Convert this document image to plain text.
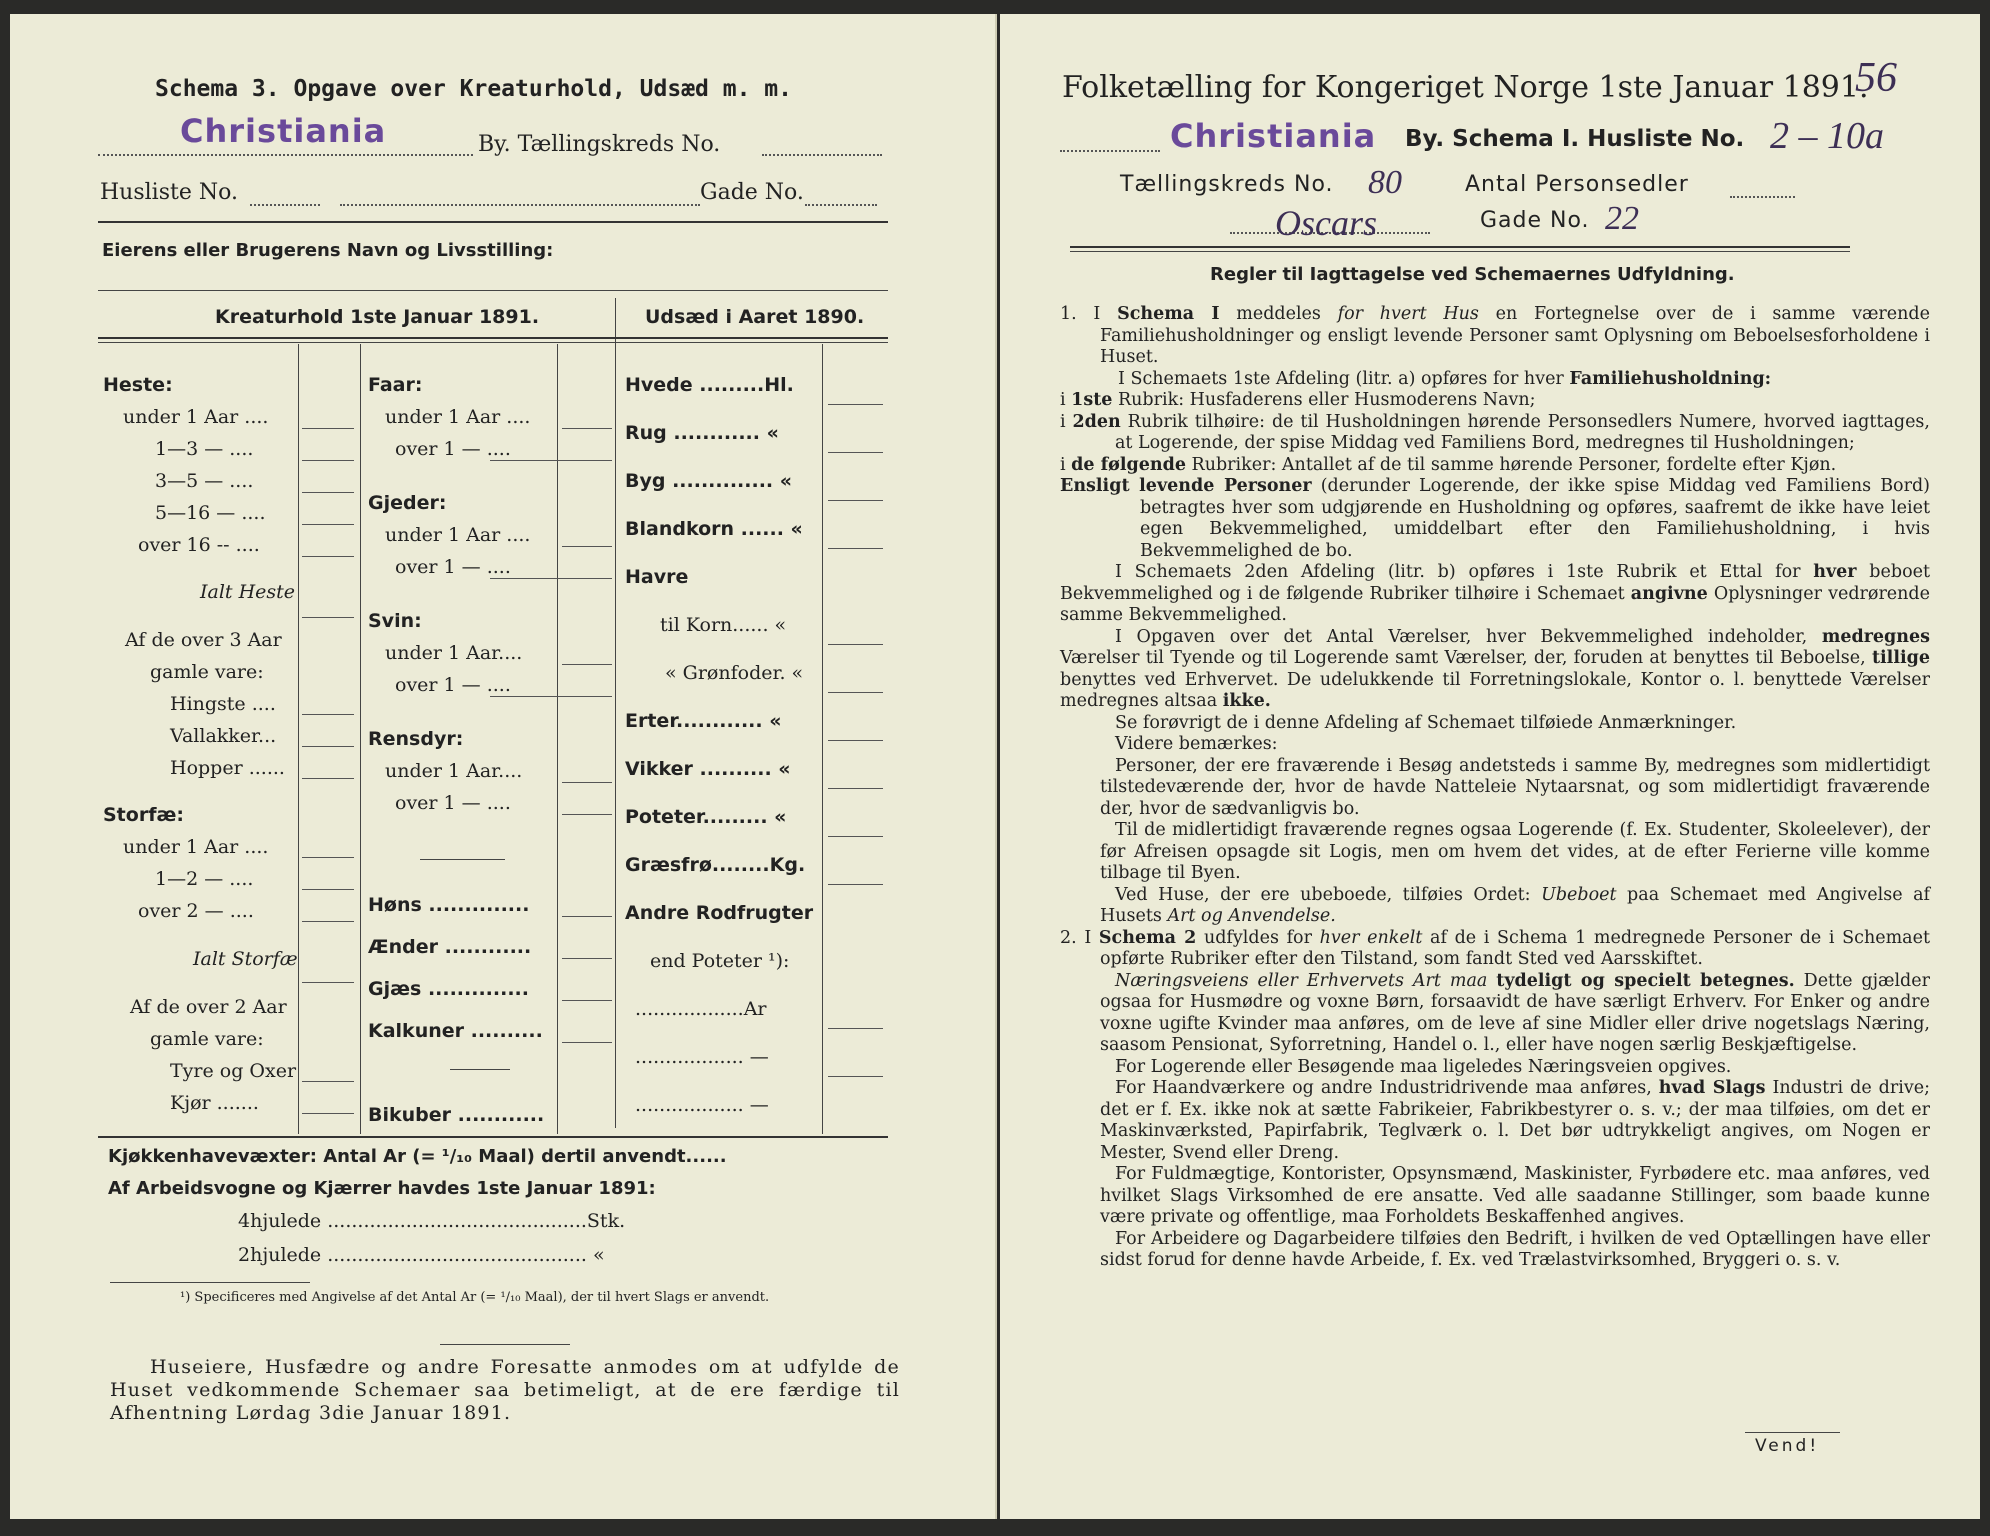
Schema 3. Opgave over Kreaturhold, Udsæd m. m.
Christiania	By. Tællingskreds No.
Husliste No.	Gade No.
Eierens eller Brugerens Navn og Livsstilling:
Kreaturhold 1ste Januar 1891.	Udsæd i Aaret 1890.
Heste:
under 1 Aar ....
1—3 — ....
3—5 — ....
5—16 — ....
over 16 -- ....
Ialt Heste
Af de over 3 Aar
gamle vare:
Hingste ....
Vallakker...
Hopper ......
Storfæ:
under 1 Aar ....
1—2 — ....
over 2 — ....
Ialt Storfæ
Af de over 2 Aar
gamle vare:
Tyre og Oxer
Kjør .......
Faar:
under 1 Aar ....
over 1 — ....
Gjeder:
under 1 Aar ....
over 1 — ....
Svin:
under 1 Aar....
over 1 — ....
Rensdyr:
under 1 Aar....
over 1 — ....
Høns ..............
Ænder ............
Gjæs ..............
Kalkuner ..........
Bikuber ............
Hvede .........Hl.
Rug ............ «
Byg .............. «
Blandkorn ...... «
Havre
til Korn...... «
« Grønfoder. «
Erter............ «
Vikker .......... «
Poteter......... «
Græsfrø........Kg.
Andre Rodfrugter
end Poteter ¹):
..................Ar
.................. —
.................. —
Kjøkkenhavevæxter: Antal Ar (= ¹/₁₀ Maal) dertil anvendt......
Af Arbeidsvogne og Kjærrer havdes 1ste Januar 1891:
4hjulede ...........................................Stk.
2hjulede ........................................... «
¹) Specificeres med Angivelse af det Antal Ar (= ¹/₁₀ Maal), der til hvert Slags er anvendt.
Huseiere, Husfædre og andre Foresatte anmodes om at udfylde de Huset vedkommende Schemaer saa betimeligt, at de ere færdige til Afhentning Lørdag 3die Januar 1891.
Folketælling for Kongeriget Norge 1ste Januar 1891.
56
Christiania By. Schema I. Husliste No. 2 – 10a
Tællingskreds No. 80	Antal Personsedler
Oscars	Gade No. 22
Regler til Iagttagelse ved Schemaernes Udfyldning.

1. I Schema I meddeles for hvert Hus en Fortegnelse over de i samme værende Familiehusholdninger og ensligt levende Personer samt Oplysning om Beboelsesforholdene i Huset.

I Schemaets 1ste Afdeling (litr. a) opføres for hver Familiehusholdning:

i 1ste Rubrik: Husfaderens eller Husmoderens Navn;

i 2den Rubrik tilhøire: de til Husholdningen hørende Personsedlers Numere, hvorved iagttages, at Logerende, der spise Middag ved Familiens Bord, medregnes til Husholdningen;

i de følgende Rubriker: Antallet af de til samme hørende Personer, fordelte efter Kjøn.

Ensligt levende Personer (derunder Logerende, der ikke spise Middag ved Familiens Bord) betragtes hver som udgjørende en Husholdning og opføres, saafremt de ikke have leiet egen Bekvemmelighed, umiddelbart efter den Familiehusholdning, i hvis Bekvemmelighed de bo.

I Schemaets 2den Afdeling (litr. b) opføres i 1ste Rubrik et Ettal for hver beboet Bekvemmelighed og i de følgende Rubriker tilhøire i Schemaet angivne Oplysninger vedrørende samme Bekvemmelighed.

I Opgaven over det Antal Værelser, hver Bekvemmelighed indeholder, medregnes Værelser til Tyende og til Logerende samt Værelser, der, foruden at benyttes til Beboelse, tillige benyttes ved Erhvervet. De udelukkende til Forretningslokale, Kontor o. l. benyttede Værelser medregnes altsaa ikke.

Se forøvrigt de i denne Afdeling af Schemaet tilføiede Anmærkninger.

Videre bemærkes:

Personer, der ere fraværende i Besøg andetsteds i samme By, medregnes som midlertidigt tilstedeværende der, hvor de havde Natteleie Nytaarsnat, og som midlertidigt fraværende der, hvor de sædvanligvis bo.

Til de midlertidigt fraværende regnes ogsaa Logerende (f. Ex. Studenter, Skoleelever), der før Afreisen opsagde sit Logis, men om hvem det vides, at de efter Ferierne ville komme tilbage til Byen.

Ved Huse, der ere ubeboede, tilføies Ordet: Ubeboet paa Schemaet med Angivelse af Husets Art og Anvendelse.

2. I Schema 2 udfyldes for hver enkelt af de i Schema 1 medregnede Personer de i Schemaet opførte Rubriker efter den Tilstand, som fandt Sted ved Aarsskiftet.

Næringsveiens eller Erhvervets Art maa tydeligt og specielt betegnes. Dette gjælder ogsaa for Husmødre og voxne Børn, forsaavidt de have særligt Erhverv. For Enker og andre voxne ugifte Kvinder maa anføres, om de leve af sine Midler eller drive nogetslags Næring, saasom Pensionat, Syforretning, Handel o. l., eller have nogen særlig Beskjæftigelse.

For Logerende eller Besøgende maa ligeledes Næringsveien opgives.

For Haandværkere og andre Industridrivende maa anføres, hvad Slags Industri de drive; det er f. Ex. ikke nok at sætte Fabrikeier, Fabrikbestyrer o. s. v.; der maa tilføies, om det er Maskinværksted, Papirfabrik, Teglværk o. l. Det bør udtrykkeligt angives, om Nogen er Mester, Svend eller Dreng.

For Fuldmægtige, Kontorister, Opsynsmænd, Maskinister, Fyrbødere etc. maa anføres, ved hvilket Slags Virksomhed de ere ansatte. Ved alle saadanne Stillinger, som baade kunne være private og offentlige, maa Forholdets Beskaffenhed angives.

For Arbeidere og Dagarbeidere tilføies den Bedrift, i hvilken de ved Optællingen have eller sidst forud for denne havde Arbeide, f. Ex. ved Trælastvirksomhed, Bryggeri o. s. v.

Vend!
